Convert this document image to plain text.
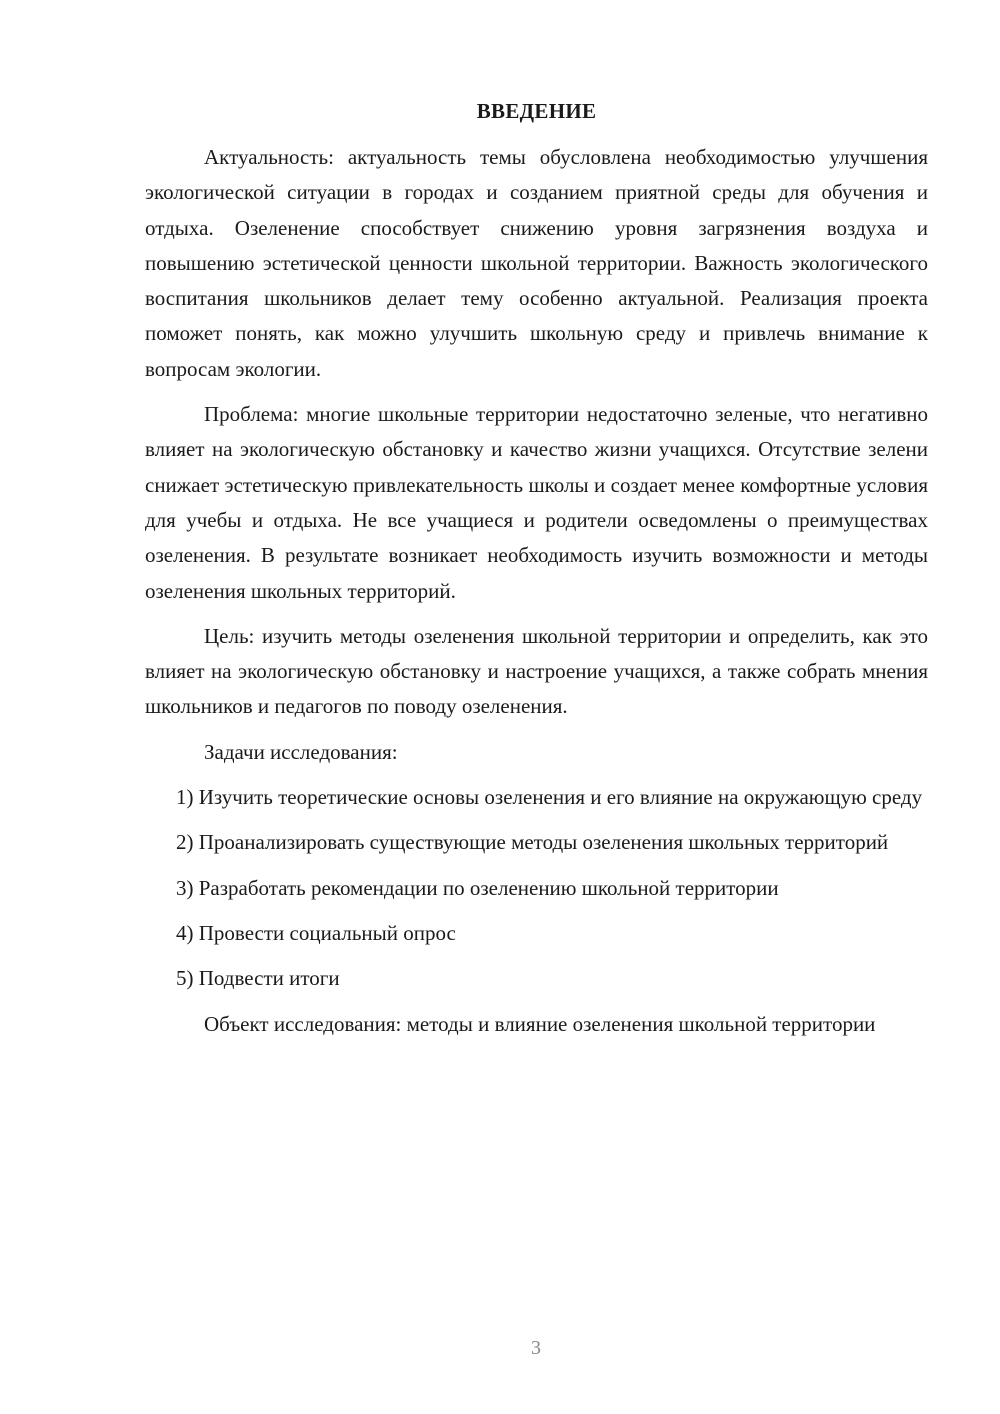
ВВЕДЕНИЕ

Актуальность: актуальность темы обусловлена необходимостью улучшения экологической ситуации в городах и созданием приятной среды для обучения и отдыха. Озеленение способствует снижению уровня загрязнения воздуха и повышению эстетической ценности школьной территории. Важность экологического воспитания школьников делает тему особенно актуальной. Реализация проекта поможет понять, как можно улучшить школьную среду и привлечь внимание к вопросам экологии.

Проблема: многие школьные территории недостаточно зеленые, что негативно влияет на экологическую обстановку и качество жизни учащихся. Отсутствие зелени снижает эстетическую привлекательность школы и создает менее комфортные условия для учебы и отдыха. Не все учащиеся и родители осведомлены о преимуществах озеленения. В результате возникает необходимость изучить возможности и методы озеленения школьных территорий.

Цель: изучить методы озеленения школьной территории и определить, как это влияет на экологическую обстановку и настроение учащихся, а также собрать мнения школьников и педагогов по поводу озеленения.

Задачи исследования:

1) Изучить теоретические основы озеленения и его влияние на окружающую среду

2) Проанализировать существующие методы озеленения школьных территорий

3) Разработать рекомендации по озеленению школьной территории

4) Провести социальный опрос

5) Подвести итоги

Объект исследования: методы и влияние озеленения школьной территории

3
